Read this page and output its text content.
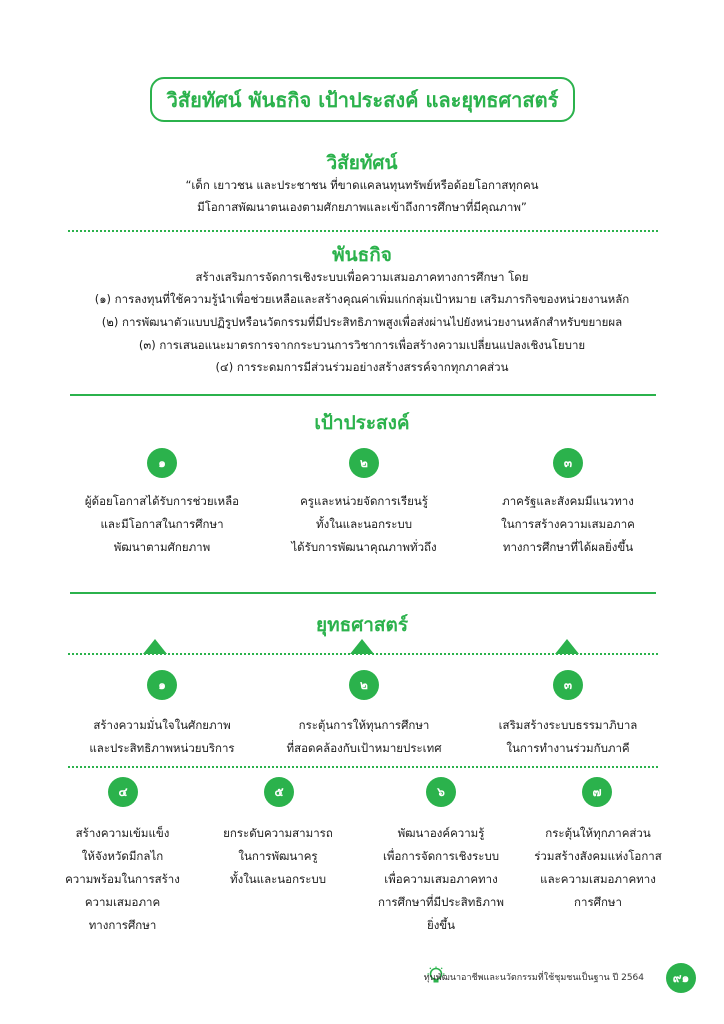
วิสัยทัศน์ พันธกิจ เป้าประสงค์ และยุทธศาสตร์
วิสัยทัศน์
“เด็ก เยาวชน และประชาชน ที่ขาดแคลนทุนทรัพย์หรือด้อยโอกาสทุกคน
มีโอกาสพัฒนาตนเองตามศักยภาพและเข้าถึงการศึกษาที่มีคุณภาพ”
พันธกิจ
สร้างเสริมการจัดการเชิงระบบเพื่อความเสมอภาคทางการศึกษา โดย
(๑) การลงทุนที่ใช้ความรู้นำเพื่อช่วยเหลือและสร้างคุณค่าเพิ่มแก่กลุ่มเป้าหมาย เสริมภารกิจของหน่วยงานหลัก
(๒) การพัฒนาตัวแบบปฏิรูปหรือนวัตกรรมที่มีประสิทธิภาพสูงเพื่อส่งผ่านไปยังหน่วยงานหลักสำหรับขยายผล
(๓) การเสนอแนะมาตรการจากกระบวนการวิชาการเพื่อสร้างความเปลี่ยนแปลงเชิงนโยบาย
(๔) การระดมการมีส่วนร่วมอย่างสร้างสรรค์จากทุกภาคส่วน
เป้าประสงค์
๑	๒	๓
ผู้ด้อยโอกาสได้รับการช่วยเหลือ
และมีโอกาสในการศึกษา
พัฒนาตามศักยภาพ
ครูและหน่วยจัดการเรียนรู้
ทั้งในและนอกระบบ
ได้รับการพัฒนาคุณภาพทั่วถึง
ภาครัฐและสังคมมีแนวทาง
ในการสร้างความเสมอภาค
ทางการศึกษาที่ได้ผลยิ่งขึ้น
ยุทธศาสตร์
๑	๒	๓
สร้างความมั่นใจในศักยภาพ
และประสิทธิภาพหน่วยบริการ
กระตุ้นการให้ทุนการศึกษา
ที่สอดคล้องกับเป้าหมายประเทศ
เสริมสร้างระบบธรรมาภิบาล
ในการทำงานร่วมกับภาคี
๔	๕	๖	๗
สร้างความเข้มแข็ง
ให้จังหวัดมีกลไก
ความพร้อมในการสร้าง
ความเสมอภาค
ทางการศึกษา
ยกระดับความสามารถ
ในการพัฒนาครู
ทั้งในและนอกระบบ
พัฒนาองค์ความรู้
เพื่อการจัดการเชิงระบบ
เพื่อความเสมอภาคทาง
การศึกษาที่มีประสิทธิภาพ
ยิ่งขึ้น
กระตุ้นให้ทุกภาคส่วน
ร่วมสร้างสังคมแห่งโอกาส
และความเสมอภาคทาง
การศึกษา
ทุนพัฒนาอาชีพและนวัตกรรมที่ใช้ชุมชนเป็นฐาน ปี 2564	๙๑
